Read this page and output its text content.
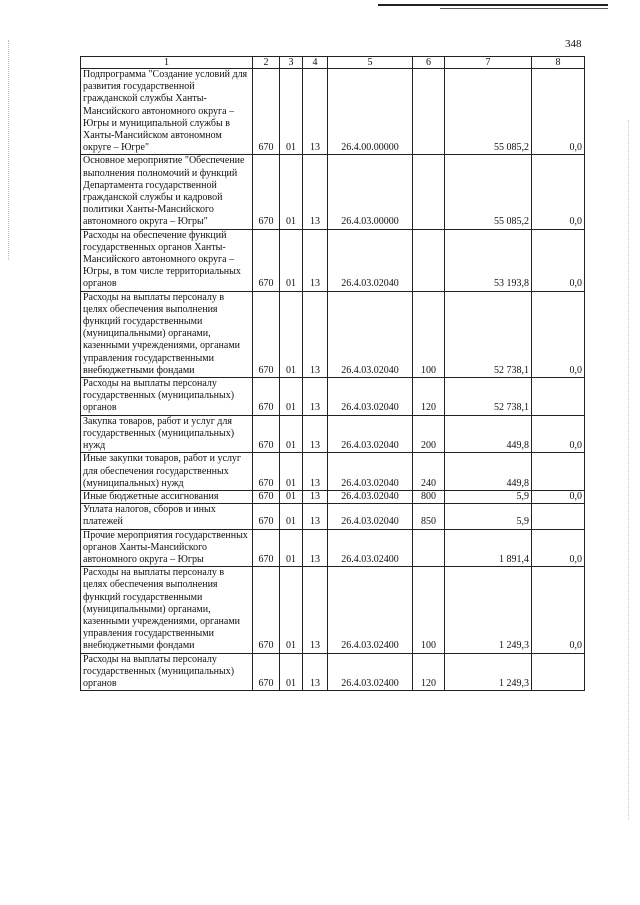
348
1	2	3	4	5	6	7	8
Подпрограмма "Создание условий для развития государственной гражданской службы Ханты-Мансийского автономного округа – Югры и муниципальной службы в Ханты-Мансийском автономном округе – Югре"	670	01	13	26.4.00.00000		55 085,2	0,0
Основное мероприятие "Обеспечение выполнения полномочий и функций Департамента государственной гражданской службы и кадровой политики Ханты-Мансийского автономного округа – Югры"	670	01	13	26.4.03.00000		55 085,2	0,0
Расходы на обеспечение функций государственных органов Ханты-Мансийского автономного округа – Югры, в том числе территориальных органов	670	01	13	26.4.03.02040		53 193,8	0,0
Расходы на выплаты персоналу в целях обеспечения выполнения функций государственными (муниципальными) органами, казенными учреждениями, органами управления государственными внебюджетными фондами	670	01	13	26.4.03.02040	100	52 738,1	0,0
Расходы на выплаты персоналу государственных (муниципальных) органов	670	01	13	26.4.03.02040	120	52 738,1	
Закупка товаров, работ и услуг для государственных (муниципальных) нужд	670	01	13	26.4.03.02040	200	449,8	0,0
Иные закупки товаров, работ и услуг для обеспечения государственных (муниципальных) нужд	670	01	13	26.4.03.02040	240	449,8	
Иные бюджетные ассигнования	670	01	13	26.4.03.02040	800	5,9	0,0
Уплата налогов, сборов и иных платежей	670	01	13	26.4.03.02040	850	5,9	
Прочие мероприятия государственных органов Ханты-Мансийского автономного округа – Югры	670	01	13	26.4.03.02400		1 891,4	0,0
Расходы на выплаты персоналу в целях обеспечения выполнения функций государственными (муниципальными) органами, казенными учреждениями, органами управления государственными внебюджетными фондами	670	01	13	26.4.03.02400	100	1 249,3	0,0
Расходы на выплаты персоналу государственных (муниципальных) органов	670	01	13	26.4.03.02400	120	1 249,3	
